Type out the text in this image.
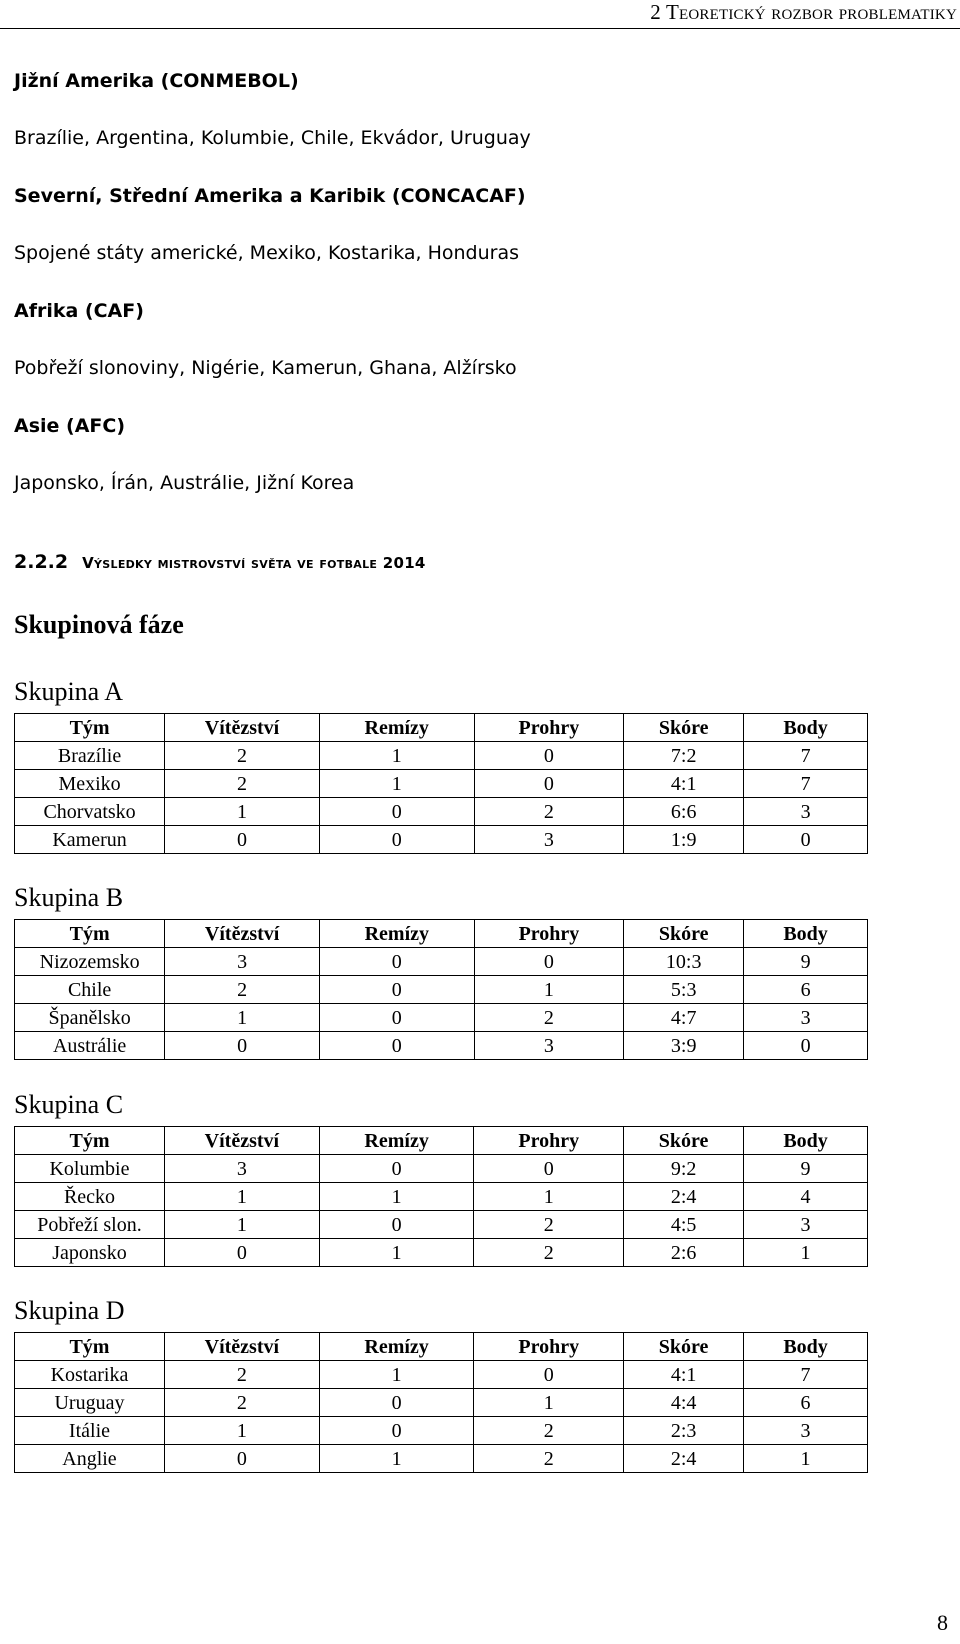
2 Teoretický rozbor problematiky
Jižní Amerika (CONMEBOL)
Brazílie, Argentina, Kolumbie, Chile, Ekvádor, Uruguay
Severní, Střední Amerika a Karibik (CONCACAF)
Spojené státy americké, Mexiko, Kostarika, Honduras
Afrika (CAF)
Pobřeží slonoviny, Nigérie, Kamerun, Ghana, Alžírsko
Asie (AFC)
Japonsko, Írán, Austrálie, Jižní Korea
2.2.2 Výsledky mistrovství světa ve fotbale 2014
Skupinová fáze
Skupina A
Tým	Vítězství	Remízy	Prohry	Skóre	Body
Brazílie	2	1	0	7:2	7
Mexiko	2	1	0	4:1	7
Chorvatsko	1	0	2	6:6	3
Kamerun	0	0	3	1:9	0
Skupina B
Tým	Vítězství	Remízy	Prohry	Skóre	Body
Nizozemsko	3	0	0	10:3	9
Chile	2	0	1	5:3	6
Španělsko	1	0	2	4:7	3
Austrálie	0	0	3	3:9	0
Skupina C
Tým	Vítězství	Remízy	Prohry	Skóre	Body
Kolumbie	3	0	0	9:2	9
Řecko	1	1	1	2:4	4
Pobřeží slon.	1	0	2	4:5	3
Japonsko	0	1	2	2:6	1
Skupina D
Tým	Vítězství	Remízy	Prohry	Skóre	Body
Kostarika	2	1	0	4:1	7
Uruguay	2	0	1	4:4	6
Itálie	1	0	2	2:3	3
Anglie	0	1	2	2:4	1
8
